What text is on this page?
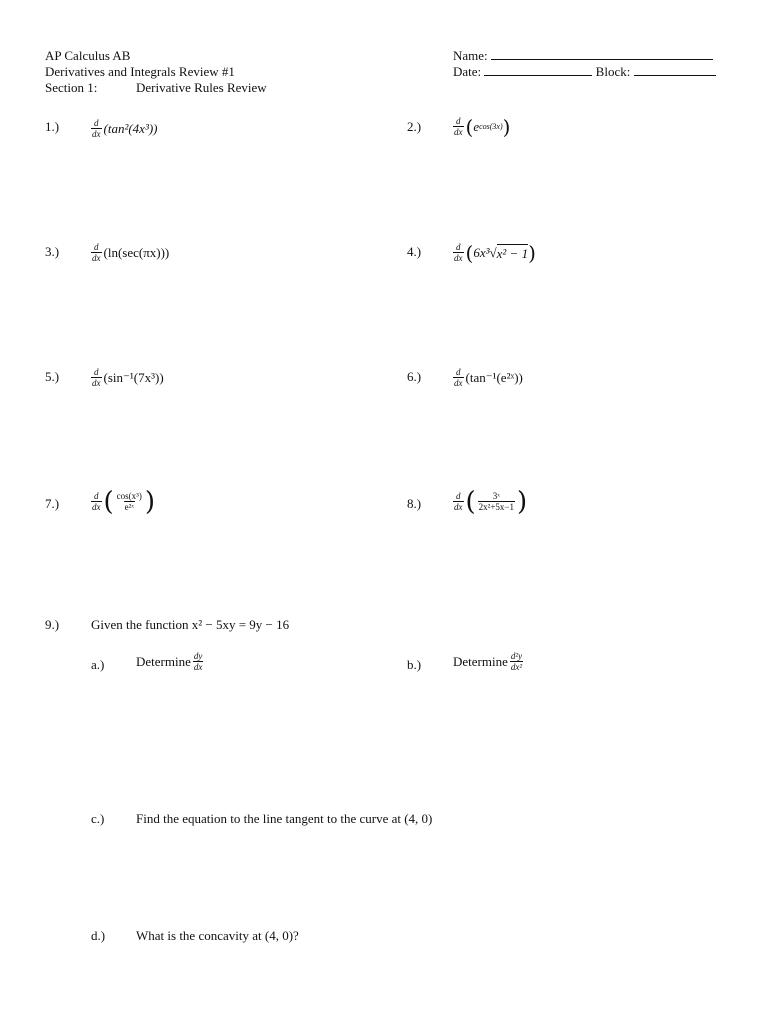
AP Calculus AB
Derivatives and Integrals Review #1
Section 1:	Derivative Rules Review
Name:
Date:	Block:
1.)	$\frac{d}{dx} (\tan^2(4x^3))$	2.)	$\frac{d}{dx}$ ( e cos(3x) )
3.)	$\frac{d}{dx} (\ln(\sec(\pi x)))$	4.)	$\frac{d}{dx}$ ( 6x³ √ x² − 1 )
5.)	$\frac{d}{dx} (\sin^{-1}(7x^3))$	6.)	$\frac{d}{dx}$ (tan⁻¹(e²ˣ))
7.)	$\frac{d}{dx}$ ( $\frac{\text{cos(x³)}}{\text{e²ˣ}}$ )	8.)	$\frac{d}{dx}$ ( $\frac{\text{3ˣ}}{\text{2x²+5x−1}}$ )
9.) Given the function x² − 5xy = 9y − 16
a.) Determine $\frac{dy}{dx}$	b.) Determine $\frac{\text{d²y}}{\text{dx²}}$
c.) Find the equation to the line tangent to the curve at (4, 0)
d.) What is the concavity at (4, 0)?
